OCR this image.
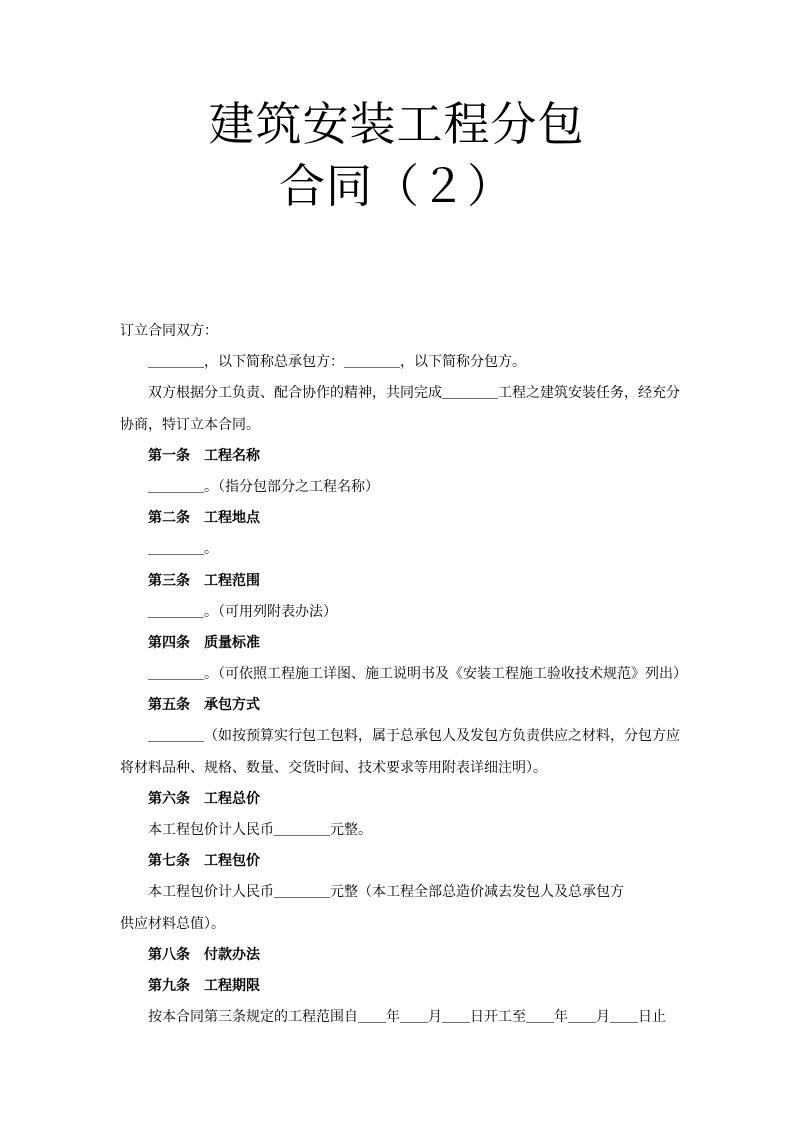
建筑安装工程分包
合同（２）
订立合同双方：
＿＿＿＿，以下简称总承包方：＿＿＿＿，以下简称分包方。
双方根据分工负责、配合协作的精神，共同完成＿＿＿＿工程之建筑安装任务，经充分
协商，特订立本合同。
第一条　工程名称
＿＿＿＿。（指分包部分之工程名称）
第二条　工程地点
＿＿＿＿。
第三条　工程范围
＿＿＿＿。（可用列附表办法）
第四条　质量标准
＿＿＿＿。（可依照工程施工详图、施工说明书及《安装工程施工验收技术规范》列出）
第五条　承包方式
＿＿＿＿（如按预算实行包工包料，属于总承包人及发包方负责供应之材料，分包方应
将材料品种、规格、数量、交货时间、技术要求等用附表详细注明）。
第六条　工程总价
本工程包价计人民币＿＿＿＿元整。
第七条　工程包价
本工程包价计人民币＿＿＿＿元整（本工程全部总造价减去发包人及总承包方
供应材料总值）。
第八条　付款办法
第九条　工程期限
按本合同第三条规定的工程范围自＿＿年＿＿月＿＿日开工至＿＿年＿＿月＿＿日止
